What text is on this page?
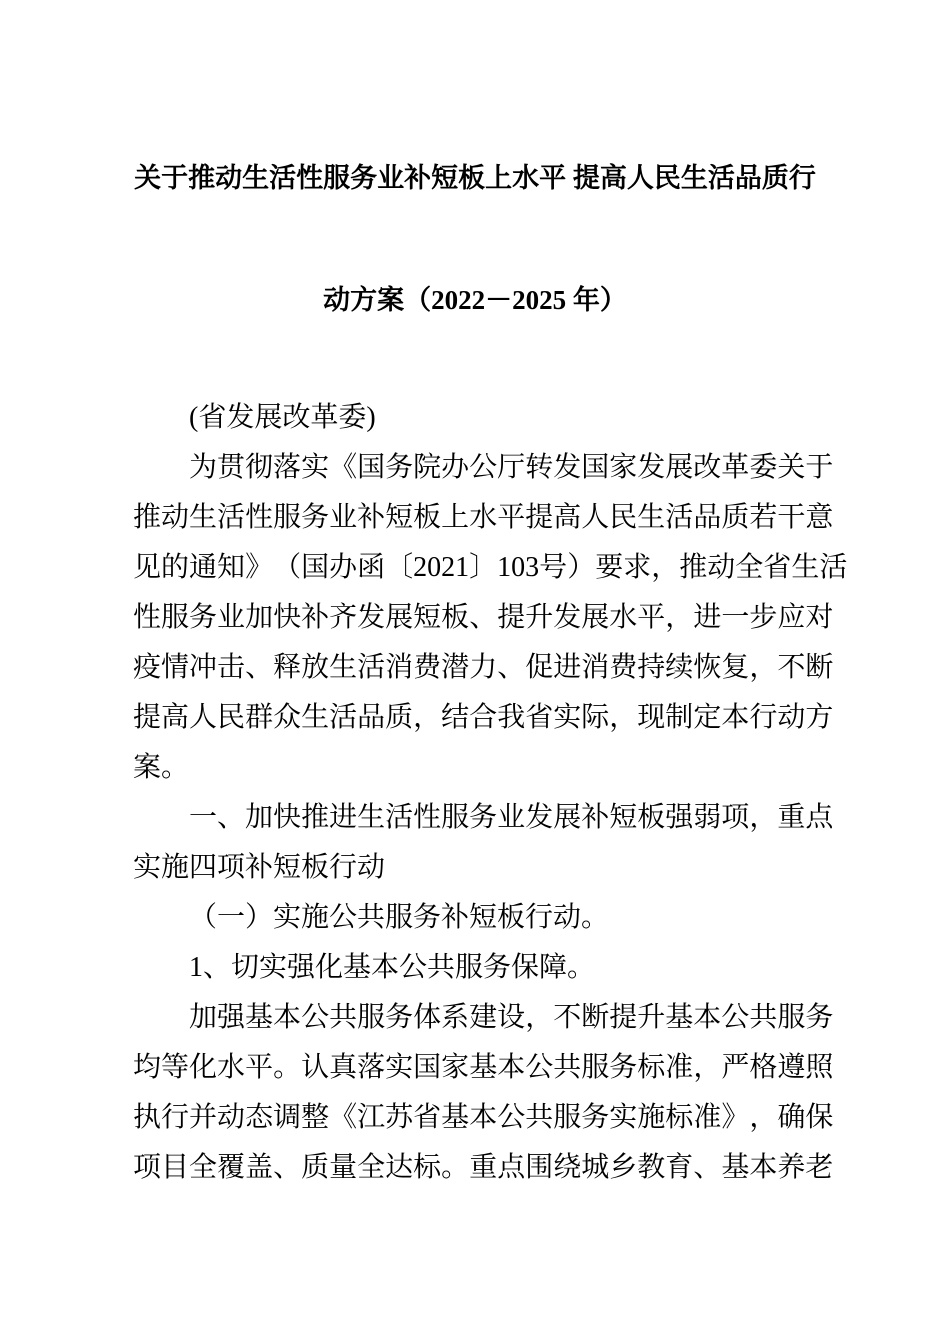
关于推动生活性服务业补短板上水平 提高人民生活品质行
动方案（2022－2025 年）
(省发展改革委)
为 贯 彻 落 实 《 国 务 院 办 公 厅 转 发 国 家 发 展 改 革 委 关 于
推 动 生 活 性 服 务 业 补 短 板 上 水 平 提 高 人 民 生 活 品 质 若 干 意
见 的 通 知 》 （ 国 办 函 〔 2021 〕 103 号 ） 要 求 ， 推 动 全 省 生 活
性 服 务 业 加 快 补 齐 发 展 短 板 、 提 升 发 展 水 平 ， 进 一 步 应 对
疫 情 冲 击 、 释 放 生 活 消 费 潜 力 、 促 进 消 费 持 续 恢 复 ， 不 断
提 高 人 民 群 众 生 活 品 质 ， 结 合 我 省 实 际 ， 现 制 定 本 行 动 方
案。
一 、 加 快 推 进 生 活 性 服 务 业 发 展 补 短 板 强 弱 项 ， 重 点
实施四项补短板行动
（一）实施公共服务补短板行动。
1、切实强化基本公共服务保障。
加 强 基 本 公 共 服 务 体 系 建 设 ， 不 断 提 升 基 本 公 共 服 务
均 等 化 水 平 。 认 真 落 实 国 家 基 本 公 共 服 务 标 准 ， 严 格 遵 照
执 行 并 动 态 调 整 《 江 苏 省 基 本 公 共 服 务 实 施 标 准 》 ， 确 保
项 目 全 覆 盖 、 质 量 全 达 标 。 重 点 围 绕 城 乡 教 育 、 基 本 养 老
